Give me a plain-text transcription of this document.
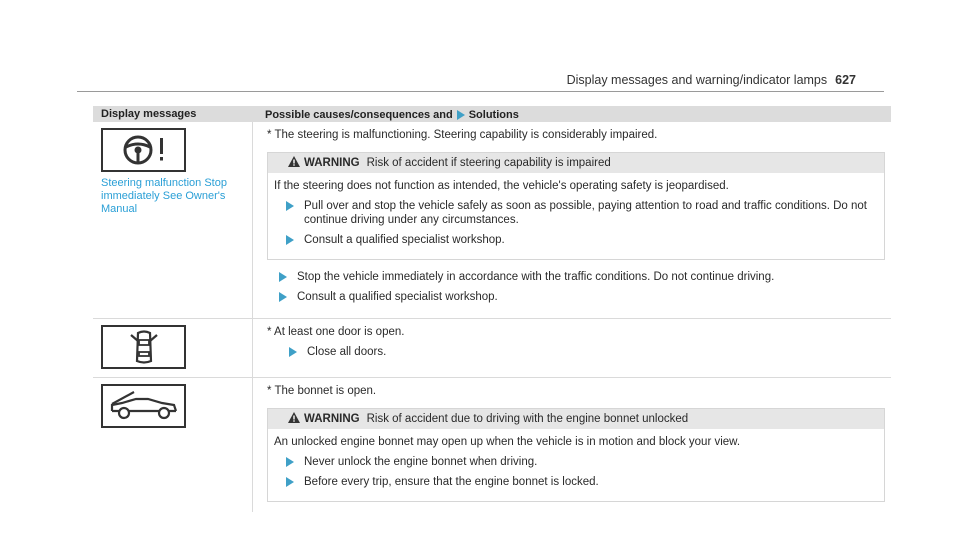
Display messages and warning/indicator lamps 627
Display messages	Possible causes/consequences and Solutions
Steering malfunction Stop immediately See Owner's Manual
* The steering is malfunctioning. Steering capability is considerably impaired.
WARNING Risk of accident if steering capability is impaired
If the steering does not function as intended, the vehicle's operating safety is jeopardised.
Pull over and stop the vehicle safely as soon as possible, paying attention to road and traffic conditions. Do not continue driving under any circumstances.
Consult a qualified specialist workshop.
Stop the vehicle immediately in accordance with the traffic conditions. Do not continue driving.
Consult a qualified specialist workshop.
* At least one door is open.
Close all doors.
* The bonnet is open.
WARNING Risk of accident due to driving with the engine bonnet unlocked
An unlocked engine bonnet may open up when the vehicle is in motion and block your view.
Never unlock the engine bonnet when driving.
Before every trip, ensure that the engine bonnet is locked.
